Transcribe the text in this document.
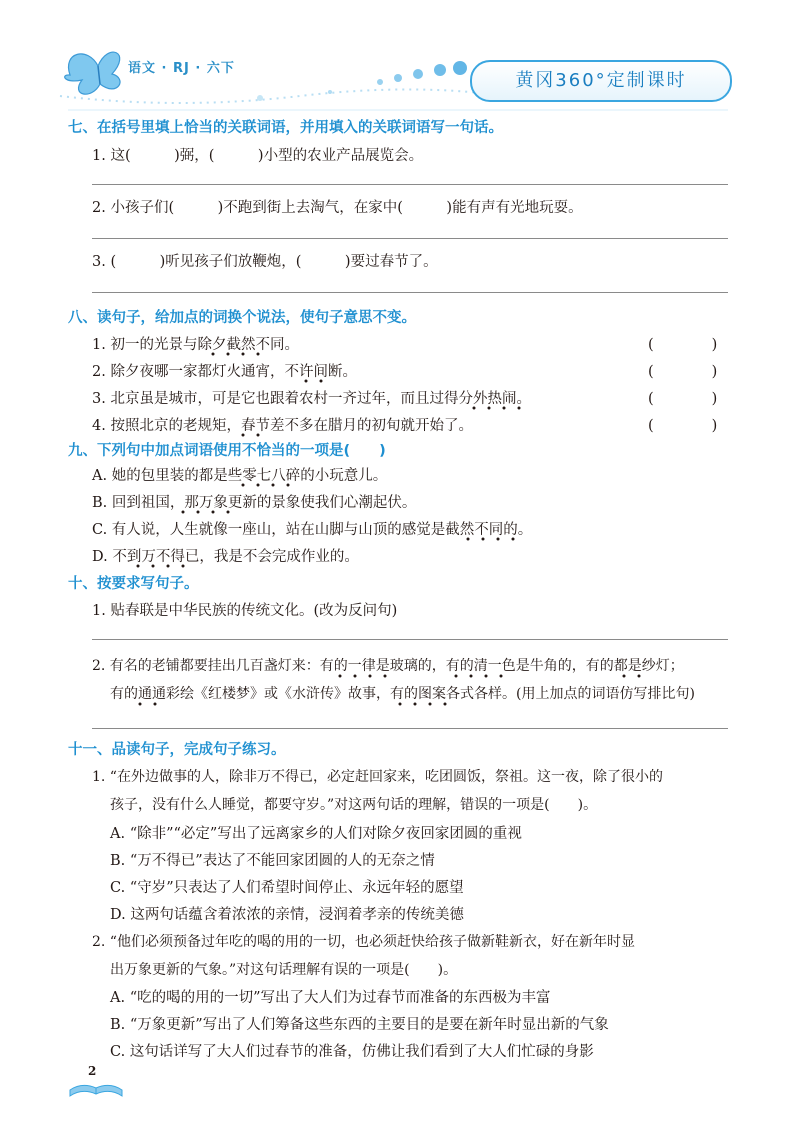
语文 · RJ · 六下
黄冈360°定制课时
七、在括号里填上恰当的关联词语，并用填入的关联词语写一句话。
1. 这(　　　)弼，(　　　)小型的农业产品展览会。
2. 小孩子们(　　　)不跑到街上去淘气，在家中(　　　)能有声有光地玩耍。
3. (　　　)听见孩子们放鞭炮，(　　　)要过春节了。
八、读句子，给加点的词换个说法，使句子意思不变。
1. 初一的光景与除夕截然不同。	(　　　　)
2. 除夕夜哪一家都灯火通宵，不许间断。	(　　　　)
3. 北京虽是城市，可是它也跟着农村一齐过年，而且过得分外热闹。	(　　　　)
4. 按照北京的老规矩，春节差不多在腊月的初旬就开始了。	(　　　　)
九、下列句中加点词语使用不恰当的一项是(　　)
A. 她的包里装的都是些零七八碎的小玩意儿。
B. 回到祖国，那万象更新的景象使我们心潮起伏。
C. 有人说，人生就像一座山，站在山脚与山顶的感觉是截然不同的。
D. 不到万不得已，我是不会完成作业的。
十、按要求写句子。
1. 贴春联是中华民族的传统文化。(改为反问句)
2. 有名的老铺都要挂出几百盏灯来：有的一律是玻璃的，有的清一色是牛角的，有的都是纱灯；
有的通通彩绘《红楼梦》或《水浒传》故事，有的图案各式各样。(用上加点的词语仿写排比句)
十一、品读句子，完成句子练习。
1. “在外边做事的人，除非万不得已，必定赶回家来，吃团圆饭，祭祖。这一夜，除了很小的
孩子，没有什么人睡觉，都要守岁。”对这两句话的理解，错误的一项是(　　)。
A. “除非”“必定”写出了远离家乡的人们对除夕夜回家团圆的重视
B. “万不得已”表达了不能回家团圆的人的无奈之情
C. “守岁”只表达了人们希望时间停止、永远年轻的愿望
D. 这两句话蕴含着浓浓的亲情，浸润着孝亲的传统美德
2. “他们必须预备过年吃的喝的用的一切，也必须赶快给孩子做新鞋新衣，好在新年时显
出万象更新的气象。”对这句话理解有误的一项是(　　)。
A. “吃的喝的用的一切”写出了大人们为过春节而准备的东西极为丰富
B. “万象更新”写出了人们筹备这些东西的主要目的是要在新年时显出新的气象
C. 这句话详写了大人们过春节的准备，仿佛让我们看到了大人们忙碌的身影
2
